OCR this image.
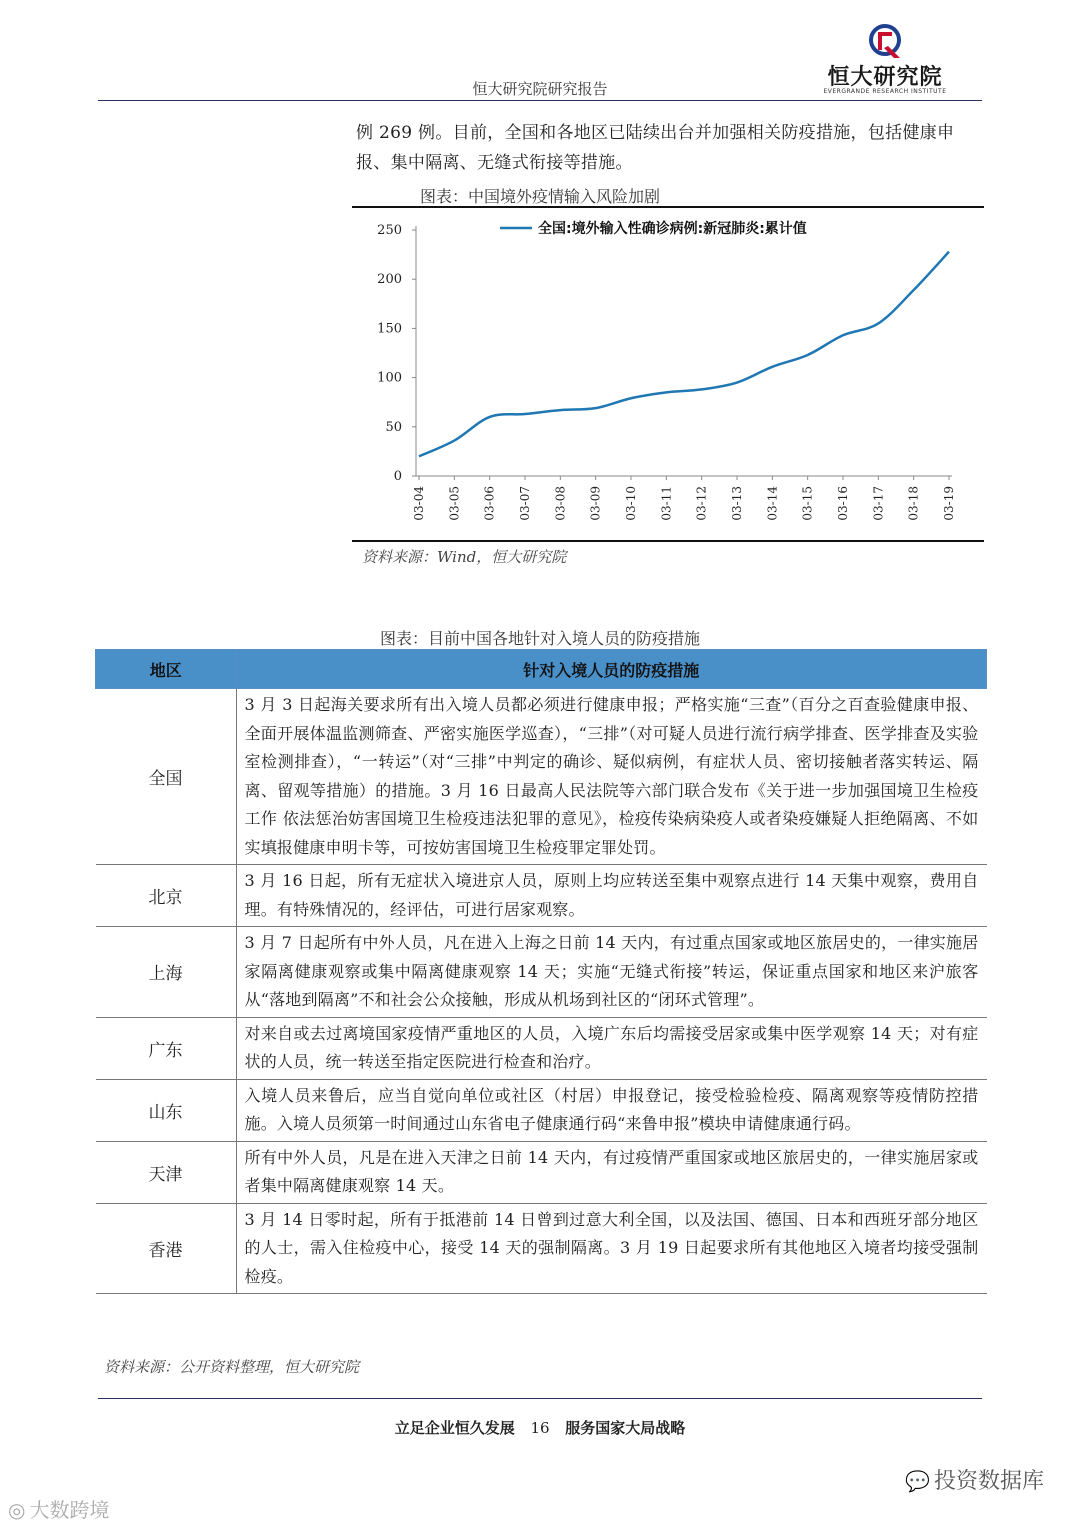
恒大研究院
EVERGRANDE RESEARCH INSTITUTE
恒大研究院研究报告
例 269 例。目前，全国和各地区已陆续出台并加强相关防疫措施，包括健康申报、集中隔离、无缝式衔接等措施。
图表：中国境外疫情输入风险加剧
0
50
100
150
200
250
03-04 03-05 03-06 03-07 03-08 03-09 03-10 03-11 03-12 03-13 03-14 03-15 03-16 03-17 03-18 03-19
全国:境外输入性确诊病例:新冠肺炎:累计值
资料来源：Wind，恒大研究院
图表：目前中国各地针对入境人员的防疫措施
地区	针对入境人员的防疫措施
全国	3 月 3 日起海关要求所有出入境人员都必须进行健康申报；严格实施“三查”（百分之百查验健康申报、全面开展体温监测筛查、严密实施医学巡查），“三排”（对可疑人员进行流行病学排查、医学排查及实验室检测排查），“一转运”（对“三排”中判定的确诊、疑似病例，有症状人员、密切接触者落实转运、隔离、留观等措施）的措施。3 月 16 日最高人民法院等六部门联合发布《关于进一步加强国境卫生检疫工作 依法惩治妨害国境卫生检疫违法犯罪的意见》，检疫传染病染疫人或者染疫嫌疑人拒绝隔离、不如实填报健康申明卡等，可按妨害国境卫生检疫罪定罪处罚。
北京	3 月 16 日起，所有无症状入境进京人员，原则上均应转送至集中观察点进行 14 天集中观察，费用自理。有特殊情况的，经评估，可进行居家观察。
上海	3 月 7 日起所有中外人员，凡在进入上海之日前 14 天内，有过重点国家或地区旅居史的，一律实施居家隔离健康观察或集中隔离健康观察 14 天；实施“无缝式衔接”转运，保证重点国家和地区来沪旅客从“落地到隔离”不和社会公众接触，形成从机场到社区的“闭环式管理”。
广东	对来自或去过离境国家疫情严重地区的人员，入境广东后均需接受居家或集中医学观察 14 天；对有症状的人员，统一转送至指定医院进行检查和治疗。
山东	入境人员来鲁后，应当自觉向单位或社区（村居）申报登记，接受检验检疫、隔离观察等疫情防控措施。入境人员须第一时间通过山东省电子健康通行码“来鲁申报”模块申请健康通行码。
天津	所有中外人员，凡是在进入天津之日前 14 天内，有过疫情严重国家或地区旅居史的，一律实施居家或者集中隔离健康观察 14 天。
香港	3 月 14 日零时起，所有于抵港前 14 日曾到过意大利全国，以及法国、德国、日本和西班牙部分地区的人士，需入住检疫中心，接受 14 天的强制隔离。3 月 19 日起要求所有其他地区入境者均接受强制检疫。
资料来源：公开资料整理，恒大研究院
立足企业恒久发展 16 服务国家大局战略
💬 投资数据库
◎ 大数跨境
